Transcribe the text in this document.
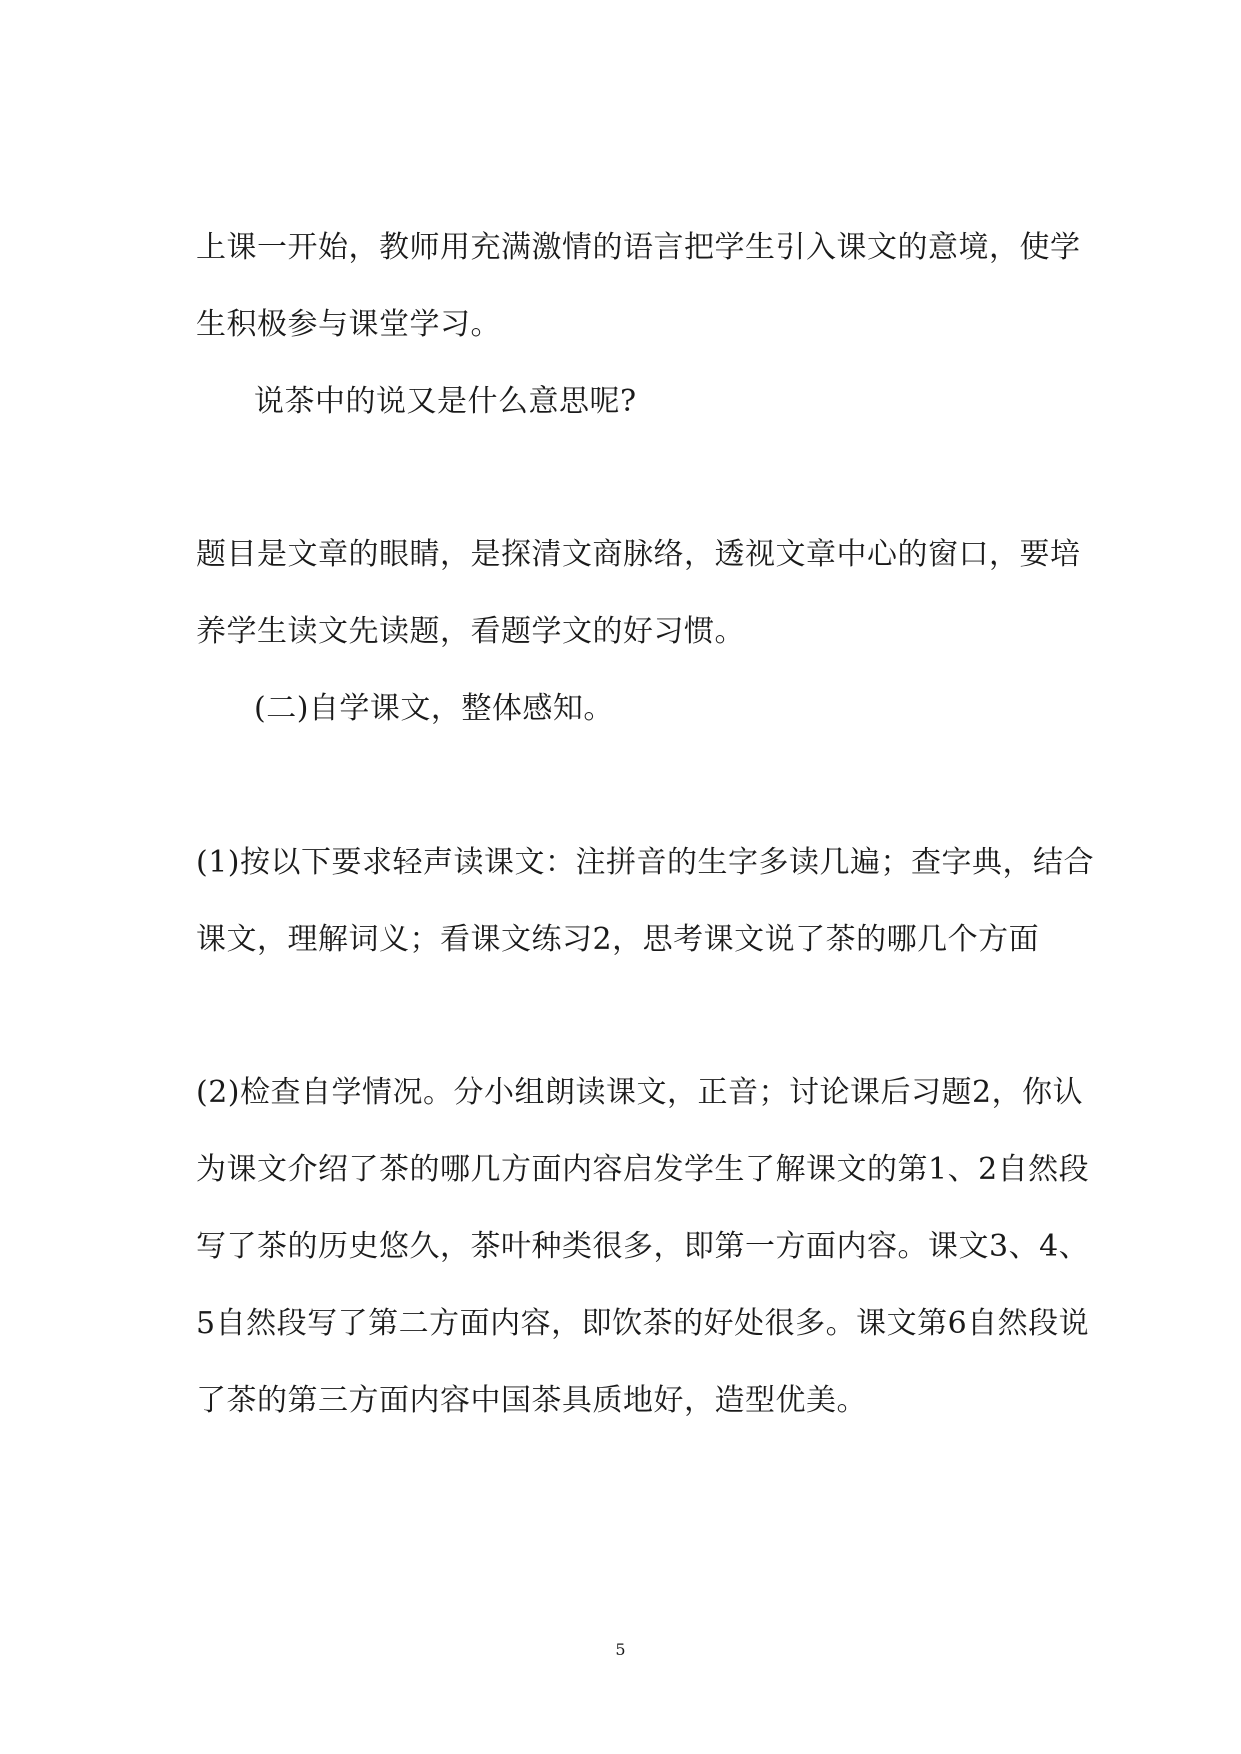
上课一开始，教师用充满激情的语言把学生引入课文的意境，使学
生积极参与课堂学习。
说茶中的说又是什么意思呢?
题目是文章的眼睛，是探清文商脉络，透视文章中心的窗口，要培
养学生读文先读题，看题学文的好习惯。
(二)自学课文，整体感知。
(1)按以下要求轻声读课文：注拼音的生字多读几遍；查字典，结合
课文，理解词义；看课文练习2，思考课文说了茶的哪几个方面
(2)检查自学情况。分小组朗读课文，正音；讨论课后习题2，你认
为课文介绍了茶的哪几方面内容启发学生了解课文的第1、2自然段
写了茶的历史悠久，茶叶种类很多，即第一方面内容。课文3、4、
5自然段写了第二方面内容，即饮茶的好处很多。课文第6自然段说
了茶的第三方面内容中国茶具质地好，造型优美。
5
